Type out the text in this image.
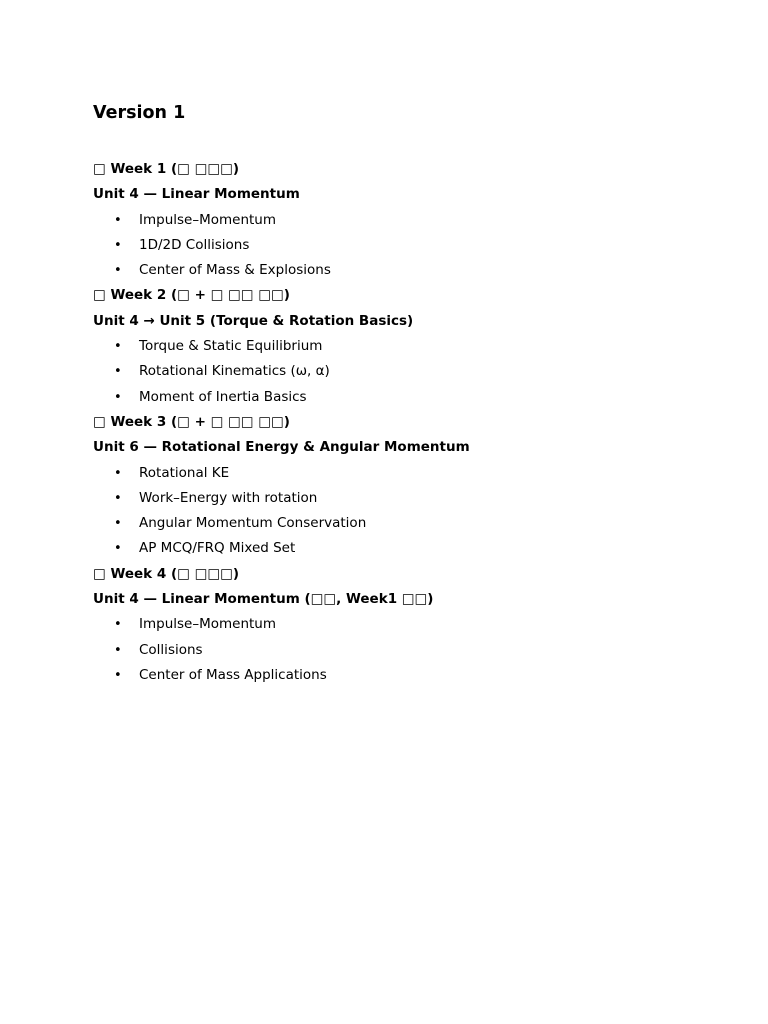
Version 1
□ Week 1 (□ □□□)
Unit 4 — Linear Momentum
• Impulse–Momentum
• 1D/2D Collisions
• Center of Mass & Explosions
□ Week 2 (□ + □ □□ □□)
Unit 4 → Unit 5 (Torque & Rotation Basics)
• Torque & Static Equilibrium
• Rotational Kinematics (ω, α)
• Moment of Inertia Basics
□ Week 3 (□ + □ □□ □□)
Unit 6 — Rotational Energy & Angular Momentum
• Rotational KE
• Work–Energy with rotation
• Angular Momentum Conservation
• AP MCQ/FRQ Mixed Set
□ Week 4 (□ □□□)
Unit 4 — Linear Momentum (□□, Week1 □□)
• Impulse–Momentum
• Collisions
• Center of Mass Applications
